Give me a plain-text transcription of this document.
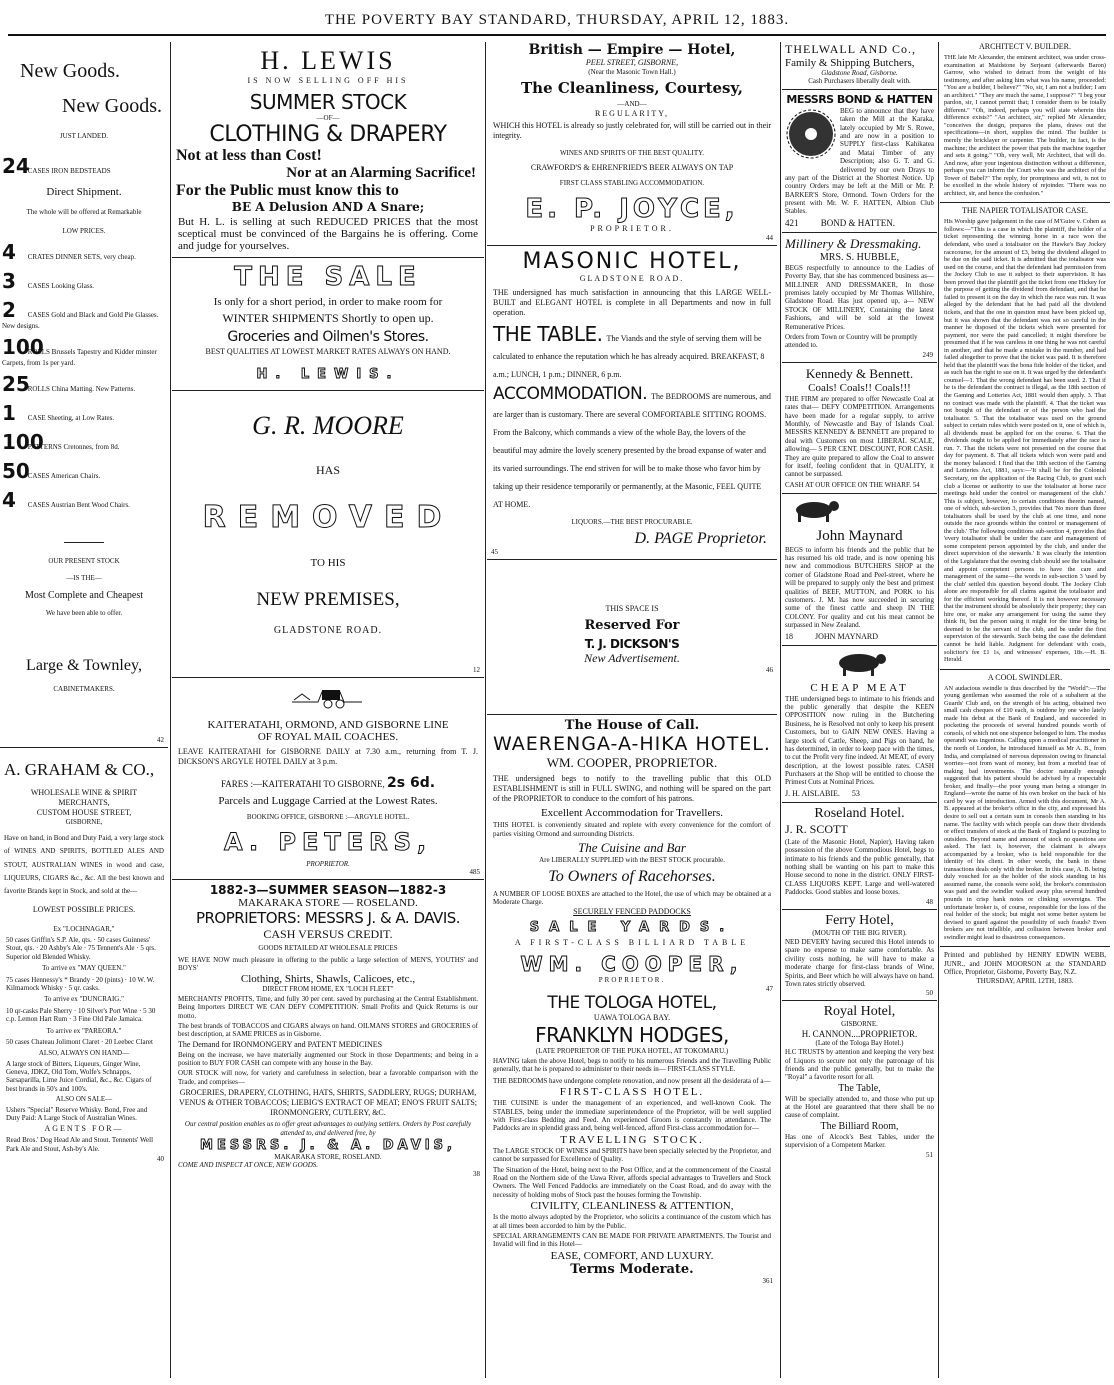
THE POVERTY BAY STANDARD, THURSDAY, APRIL 12, 1883.
New Goods.
New Goods.
JUST LANDED.
24 CASES IRON BEDSTEADS
Direct Shipment.
The whole will be offered at Remarkable
LOW PRICES.
4 CRATES DINNER SETS, very cheap.
3 CASES Looking Glass.
2 CASES Gold and Black and Gold Pie Glasses. New designs.
100 ROLLS Brussels Tapestry and Kidder minster Carpets, from 1s per yard.
25 ROLLS China Matting. New Patterns.
1 CASE Sheeting, at Low Rates.
100 PATTERNS Cretonnes, from 8d.
50 CASES American Chairs.
4 CASES Austrian Bent Wood Chairs.
OUR PRESENT STOCK
—IS THE—
Most Complete and Cheapest
We have been able to offer.
Large & Townley,
CABINETMAKERS.
42
A. GRAHAM & CO.,
WHOLESALE WINE & SPIRIT
MERCHANTS,
CUSTOM HOUSE STREET,
GISBORNE,

Have on hand, in Bond and Duty Paid, a very large stock of WINES AND SPIRITS, BOTTLED ALES AND STOUT, AUSTRALIAN WINES in wood and case, LIQUEURS, CIGARS &c., &c. All the best known and favorite Brands kept in Stock, and sold at the—

LOWEST POSSIBLE PRICES.
Ex "LOCHNAGAR,"

50 cases Griffin's S.P. Ale, qts. · 50 cases Guinness' Stout, qts. · 20 Ashby's Ale · 75 Tennent's Ale · 5 qrs. Superior old Blended Whisky.

To arrive ex "MAY QUEEN."

75 cases Hennessy's * Brandy · 20 (pints) · 10 W. W. Kilmarnock Whisky · 5 qr. casks.

To arrive ex "DUNCRAIG."

10 qr-casks Pale Sherry · 10 Silver's Port Wine · 5 30 c.p. Lemon Hart Rum · 3 Fine Old Pale Jamaica.

To arrive ex "PAREORA."

50 cases Chateau Jolimont Claret · 20 Leebec Claret

ALSO, ALWAYS ON HAND—

A large stock of Bitters, Liqueurs, Ginger Wine, Geneva, JDKZ, Old Tom, Wolfe's Schnapps, Sarsaparilla, Lime Juice Cordial, &c., &c. Cigars of best brands in 50's and 100's.

ALSO ON SALE—

Ushers "Special" Reserve Whisky. Bond, Free and Duty Paid: A Large Stock of Australian Wines.

AGENTS FOR—

Read Bros.' Dog Head Ale and Stout. Tennents' Well Park Ale and Stout, Ash-by's Ale.

40
H. LEWIS
IS NOW SELLING OFF HIS
SUMMER STOCK
—OF—
CLOTHING & DRAPERY
Not at less than Cost!
Nor at an Alarming Sacrifice!
For the Public must know this to
BE A Delusion AND A Snare;

But H. L. is selling at such REDUCED PRICES that the most sceptical must be convinced of the Bargains he is offering. Come and judge for yourselves.

THE SALE
Is only for a short period, in order to make room for
WINTER SHIPMENTS Shortly to open up.
Groceries and Oilmen's Stores.
BEST QUALITIES AT LOWEST MARKET RATES ALWAYS ON HAND.
H. LEWIS.
G. R. MOORE
HAS
REMOVED
TO HIS
NEW PREMISES,
GLADSTONE ROAD.
12
KAITERATAHI, ORMOND, AND GISBORNE LINE
OF ROYAL MAIL COACHES.

LEAVE KAITERATAHI for GISBORNE DAILY at 7.30 a.m., returning from T. J. DICKSON'S ARGYLE HOTEL DAILY at 3 p.m.

FARES :—KAITERATAHI TO GISBORNE, 2s 6d.
Parcels and Luggage Carried at the Lowest Rates.
BOOKING OFFICE, GISBORNE :—ARGYLE HOTEL.
A. PETERS,
PROPRIETOR.
485
1882-3—SUMMER SEASON—1882-3
MAKARAKA STORE — ROSELAND.
PROPRIETORS: MESSRS J. & A. DAVIS.
CASH VERSUS CREDIT.
GOODS RETAILED AT WHOLESALE PRICES

WE HAVE NOW much pleasure in offering to the public a large selection of MEN'S, YOUTHS' and BOYS'

Clothing, Shirts, Shawls, Calicoes, etc.,
DIRECT FROM HOME, EX "LOCH FLEET"

MERCHANTS' PROFITS, Time, and fully 30 per cent. saved by purchasing at the Central Establishment. Being Importers DIRECT WE CAN DEFY COMPETITION. Small Profits and Quick Returns is our motto.

The best brands of TOBACCOS and CIGARS always on hand. OILMANS STORES and GROCERIES of best description, at SAME PRICES as in Gisborne.

The Demand for IRONMONGERY and PATENT MEDICINES

Being on the increase, we have materially augmented our Stock in those Departments; and being in a position to BUY FOR CASH can compete with any house in the Bay.

OUR STOCK will now, for variety and carefulness in selection, bear a favorable comparison with the Trade, and comprises—

GROCERIES, DRAPERY, CLOTHING, HATS, SHIRTS, SADDLERY, RUGS; DURHAM, VENUS & OTHER TOBACCOS; LIEBIG'S EXTRACT OF MEAT; ENO'S FRUIT SALTS; IRONMONGERY, CUTLERY, &C.

Our central position enables us to offer great advantages to outlying settlers. Orders by Post carefully attended to, and delivered free, by

MESSRS. J. & A. DAVIS,
MAKARAKA STORE, ROSELAND.
COME AND INSPECT AT ONCE, NEW GOODS.
38
British — Empire — Hotel,
PEEL STREET, GISBORNE,
(Near the Masonic Town Hall.)
The Cleanliness, Courtesy,
—AND—
REGULARITY,

WHICH this HOTEL is already so justly celebrated for, will still be carried out in their integrity.

WINES AND SPIRITS OF THE BEST QUALITY.
CRAWFORD'S & EHRENFRIED'S BEER ALWAYS ON TAP
FIRST CLASS STABLING ACCOMMODATION.
E. P. JOYCE,
PROPRIETOR.
44
MASONIC HOTEL,
GLADSTONE ROAD.

THE undersigned has much satisfaction in announcing that this LARGE WELL-BUILT and ELEGANT HOTEL is complete in all Departments and now in full operation.

THE TABLE. The Viands and the style of serving them will be calculated to enhance the reputation which he has already acquired. BREAKFAST, 8 a.m.; LUNCH, 1 p.m.; DINNER, 6 p.m.
ACCOMMODATION. The BEDROOMS are numerous, and are larger than is customary. There are several COMFORTABLE SITTING ROOMS. From the Balcony, which commands a view of the whole Bay, the lovers of the beautiful may admire the lovely scenery presented by the broad expanse of water and its varied surroundings. The end striven for will be to make those who favor him by taking up their residence temporarily or permanently, at the Masonic, FEEL QUITE AT HOME.
LIQUORS.—THE BEST PROCURABLE.
D. PAGE Proprietor.
45
THIS SPACE IS
Reserved For
T. J. DICKSON'S
New Advertisement.
46
The House of Call.
WAERENGA-A-HIKA HOTEL.
WM. COOPER, PROPRIETOR.

THE undersigned begs to notify to the travelling public that this OLD ESTABLISHMENT is still in FULL SWING, and nothing will be spared on the part of the PROPRIETOR to conduce to the comfort of his patrons.

Excellent Accommodation for Travellers.

THIS HOTEL is conveniently situated and replete with every convenience for the comfort of parties visiting Ormond and surrounding Districts.

The Cuisine and Bar
Are LIBERALLY SUPPLIED with the BEST STOCK procurable.
To Owners of Racehorses.

A NUMBER OF LOOSE BOXES are attached to the Hotel, the use of which may be obtained at a Moderate Charge.

SECURELY FENCED PADDOCKS
SALE YARDS.
A FIRST-CLASS BILLIARD TABLE
WM. COOPER,
PROPRIETOR.
47
THE TOLOGA HOTEL,
UAWA TOLOGA BAY.
FRANKLYN HODGES,
(LATE PROPRIETOR OF THE PUKA HOTEL, AT TOKOMARU.)

HAVING taken the above Hotel, begs to notify to his numerous Friends and the Travelling Public generally, that he is prepared to administer to their needs in— FIRST-CLASS STYLE.

THE BEDROOMS have undergone complete renovation, and now present all the desiderata of a—

FIRST-CLASS HOTEL.

THE CUISINE is under the management of an experienced, and well-known Cook. The STABLES, being under the immediate superintendence of the Proprietor, will be well supplied with First-class Bedding and Feed. An experienced Groom is constantly in attendance. The Paddocks are in splendid grass and, being well-fenced, afford First-class accommodation for—

TRAVELLING STOCK.

The LARGE STOCK OF WINES and SPIRITS have been specially selected by the Proprietor, and cannot be surpassed for Excellence of Quality.

The Situation of the Hotel, being next to the Post Office, and at the commencement of the Coastal Road on the Northern side of the Uawa River, affords special advantages to Travellers and Stock Owners. The Well Fenced Paddocks are immediately on the Coast Road, and do away with the necessity of holding mobs of Stock past the houses forming the Township.

CIVILITY, CLEANLINESS & ATTENTION,

Is the motto always adopted by the Proprietor, who solicits a continuance of the custom which has at all times been accorded to him by the Public.

SPECIAL ARRANGEMENTS CAN BE MADE FOR PRIVATE APARTMENTS. The Tourist and Invalid will find in this Hotel—

EASE, COMFORT, AND LUXURY.
Terms Moderate.
361
THELWALL AND Co.,
Family & Shipping Butchers,
Gladstone Road, Gisborne.
Cash Purchasers liberally dealt with.
MESSRS BOND & HATTEN

BEG to announce that they have taken the Mill at the Karaka, lately occupied by Mr S. Rowe, and are now in a position to SUPPLY first-class Kahikatea and Matai Timber of any Description; also G. T. and G. delivered by our own Drays to any part of the District at the Shortest Notice. Up country Orders may be left at the Mill or Mr. P. BARKER'S Store, Ormond. Town Orders for the present with Mr. W. F. HATTEN, Albion Club Stables.

421 BOND & HATTEN.
Millinery & Dressmaking.
MRS. S. HUBBLE,

BEGS respectfully to announce to the Ladies of Poverty Bay, that she has commenced business as— MILLINER AND DRESSMAKER, In those premises lately occupied by Mr Thomas Willshire, Gladstone Road. Has just opened up, a— NEW STOCK OF MILLINERY, Containing the latest Fashions, and will be sold at the lowest Remunerative Prices.

Orders from Town or Country will be promptly attended to.

249
Kennedy & Bennett.
Coals! Coals!! Coals!!!

THE FIRM are prepared to offer Newcastle Coal at rates that— DEFY COMPETITION. Arrangements have been made for a regular supply, to arrive Monthly, of Newcastle and Bay of Islands Coal. MESSRS KENNEDY & BENNETT are prepared to deal with Customers on most LIBERAL SCALE, allowing— 5 PER CENT. DISCOUNT, FOR CASH. They are quite prepared to allow the Coal to answer for itself, feeling confident that in QUALITY, it cannot be surpassed.

CASH AT OUR OFFICE ON THE WHARF. 54
John Maynard

BEGS to inform his friends and the public that he has resumed his old trade, and is now opening his new and commodious BUTCHERS SHOP at the corner of Gladstone Road and Peel-street, where he will be prepared to supply only the best and primest qualities of BEEF, MUTTON, and PORK to his customers. J. M. has now succeeded in securing some of the finest cattle and sheep IN THE COLONY. For quality and cut his meat cannot be surpassed in New Zealand.

18	JOHN MAYNARD
CHEAP MEAT

THE undersigned begs to intimate to his friends and the public generally that despite the KEEN OPPOSITION now ruling in the Butchering Business, he is Resolved not only to keep his present Customers, but to GAIN NEW ONES. Having a large stock of Cattle, Sheep, and Pigs on hand, he has determined, in order to keep pace with the times, to cut the Profit very fine indeed. At MEAT, of every description, at the lowest possible rates. CASH Purchasers at the Shop will be entitled to choose the Primest Cuts at Nominal Prices.

J. H. AISLABIE. 53
Roseland Hotel.
J. R. SCOTT

(Late of the Masonic Hotel, Napier), Having taken possession of the above Commodious Hotel, begs to intimate to his friends and the public generally, that nothing shall be wanting on his part to make this House second to none in the district. ONLY FIRST-CLASS LIQUORS KEPT. Large and well-watered Paddocks. Good stables and loose boxes.

48
Ferry Hotel,
(MOUTH OF THE BIG RIVER).

NED DEVERY having secured this Hotel intends to spare no expense to make same comfortable. As civility costs nothing, he will have to make a moderate charge for first-class brands of Wine, Spirits, and Beer which he will always have on hand. Town rates strictly observed.

50
Royal Hotel,
GISBORNE.
H. CANNON....PROPRIETOR.
(Late of the Tologa Bay Hotel.)

H.C TRUSTS by attention and keeping the very best of Liquors to secure not only the patronage of his friends and the public generally, but to make the "Royal" a favorite resort for all.

The Table,

Will be specially attended to, and those who put up at the Hotel are guaranteed that there shall be no cause of complaint.

The Billiard Room,

Has one of Alcock's Best Tables, under the supervision of a Competent Marker.

51
ARCHITECT V. BUILDER.

THE late Mr Alexander, the eminent architect, was under cross-examination at Maidstone by Serjeant (afterwards Baron) Garrow, who wished to detract from the weight of his testimony, and after asking him what was his name, proceeded: "You are a builder, I believe?" "No, sir, I am not a builder; I am an architect." "They are much the same, I suppose?" "I beg your pardon, sir, I cannot permit that; I consider them to be totally different." "Oh, indeed, perhaps you will state wherein this difference exists?" "An architect, sir," replied Mr Alexander, "conceives the design, prepares the plans, draws out the specifications—in short, supplies the mind. The builder is merely the bricklayer or carpenter. The builder, in fact, is the machine; the architect the power that puts the machine together and sets it going." "Oh, very well, Mr Architect, that will do. And now, after your ingenious distinction without a difference, perhaps you can inform the Court who was the architect of the Tower of Babel?" The reply, for promptness and wit, is not to be excelled in the whole history of rejoinder. "There was no architect, sir, and hence the confusion."

THE NAPIER TOTALISATOR CASE.

His Worship gave judgement in the case of M'Guire v. Cohen as follows:—"This is a case in which the plaintiff, the holder of a ticket representing the winning horse in a race won the defendant, who used a totalisator on the Hawke's Bay Jockey racecourse, for the amount of £3, being the dividend alleged to be due on the said ticket. It is admitted that the totalisator was used on the course, and that the defendant had permission from the Jockey Club to use it subject to their supervision. It has been proved that the plaintiff got the ticket from one Hickey for the purpose of getting the dividend from defendant, and that he failed to present it on the day in which the race was run. It was alleged by the defendant that he had paid all the dividend tickets, and that the one in question must have been picked up, but it was shown that the defendant was not so careful in the manner he disposed of the tickets which were presented for payment, nor were the paid cancelled; it might therefore be presumed that if he was careless in one thing he was not careful in another, and that he made a mistake in the number, and had failed altogether to prove that the ticket was paid. It is therefore held that the plaintiff was the bona fide holder of the ticket, and as such has the right to sue on it. It was urged by the defendant's counsel—1. That the wrong defendant has been sued. 2. That if he is the defendant the contract is illegal, as the 18th section of the Gaming and Lotteries Act, 1881 would then apply. 3. That no contract was made with the plaintiff. 4. That the ticket was not bought of the defendant or of the person who had the totalisator. 5. That the totalisator was used on the ground subject to certain rules which were posted on it, one of which is, all dividends must be applied for on the course. 6. That the dividends ought to be applied for immediately after the race is run. 7. That the tickets were not presented on the course that day for payment. 8. That all tickets which won were paid and the money balanced. I find that the 18th section of the Gaming and Lotteries Act, 1881, says:—'It shall be for the Colonial Secretary, on the application of the Racing Club, to grant such club a license or authority to use the totalisator at horse race meetings held under the control or management of the club.' This is subject, however, to certain conditions therein named, one of which, sub-section 3, provides that 'No more than three totalisators shall be used by the club at one time, and none outside the race grounds within the control or management of the club.' The following conditions sub-section 4, provides that 'every totalisator shall be under the care and management of some competent person appointed by the club, and under the direct supervision of the stewards.' It was clearly the intention of the Legislature that the owning club should see the totalisator and appoint competent persons to have the care and management of the same—the words in sub-section 3 'used by the club' settled this question beyond doubt. The Jockey Club alone are responsible for all claims against the totalisator and for the efficient working thereof. It is not however necessary that the instrument should be absolutely their property; they can hire one, or make any arrangement for using the same they think fit, but the person using it might for the time being be deemed to be the servant of the club, and be under the first supervision of the stewards. Such being the case the defendant cannot be held liable. Judgment for defendant with costs, solicitor's fee £1 1s, and witnesses' expenses, 18s.—H. B. Herald.

A COOL SWINDLER.

AN audacious swindle is thus described by the "World":—The young gentleman who assumed the role of a subaltern at the Guards' Club and, on the strength of his acting, obtained two small cash cheques of £10 each, is outdone by one who lately made his debut at the Bank of England, and succeeded in pocketing the proceeds of several hundred pounds worth of consols, of which not one sixpence belonged to him. The modus operandi was ingenious. Calling upon a medical practitioner in the north of London, he introduced himself as Mr A. B., from India, and complained of nervous depression owing to financial worries—not from want of money, but from a morbid fear of making bad investments. The doctor naturally enough suggested that his patient should be advised by a respectable broker, and finally—the poor young man being a stranger in England—wrote the name of his own broker on the back of his card by way of introduction. Armed with this document, Mr A. B. appeared at the broker's office in the city, and expressed his desire to sell out a certain sum in consols then standing in his name. The facility with which people can draw their dividends or effect transfers of stock at the Bank of England is puzzling to outsiders. Beyond name and amount of stock no questions are asked. The fact is, however, the claimant is always accompanied by a broker, who is held responsible for the identity of his client. In other words, the bank in these transactions deals only with the broker. In this case, A. B. being duly vouched for as the holder of the stock standing in his assumed name, the consols were sold, the broker's commission was paid and the swindler walked away plus several hundred pounds in crisp bank notes or clinking sovereigns. The unfortunate broker is, of course, responsible for the loss of the real holder of the stock; but might not some better system be devised to guard against the possibility of such frauds? Even brokers are not infallible, and collusion between broker and swindler might lead to disastrous consequences.

Printed and published by HENRY EDWIN WEBB, JUNR., and JOHN MOORSON at the STANDARD Office, Proprietor, Gisborne, Poverty Bay, N.Z.

THURSDAY, APRIL 12TH, 1883.
